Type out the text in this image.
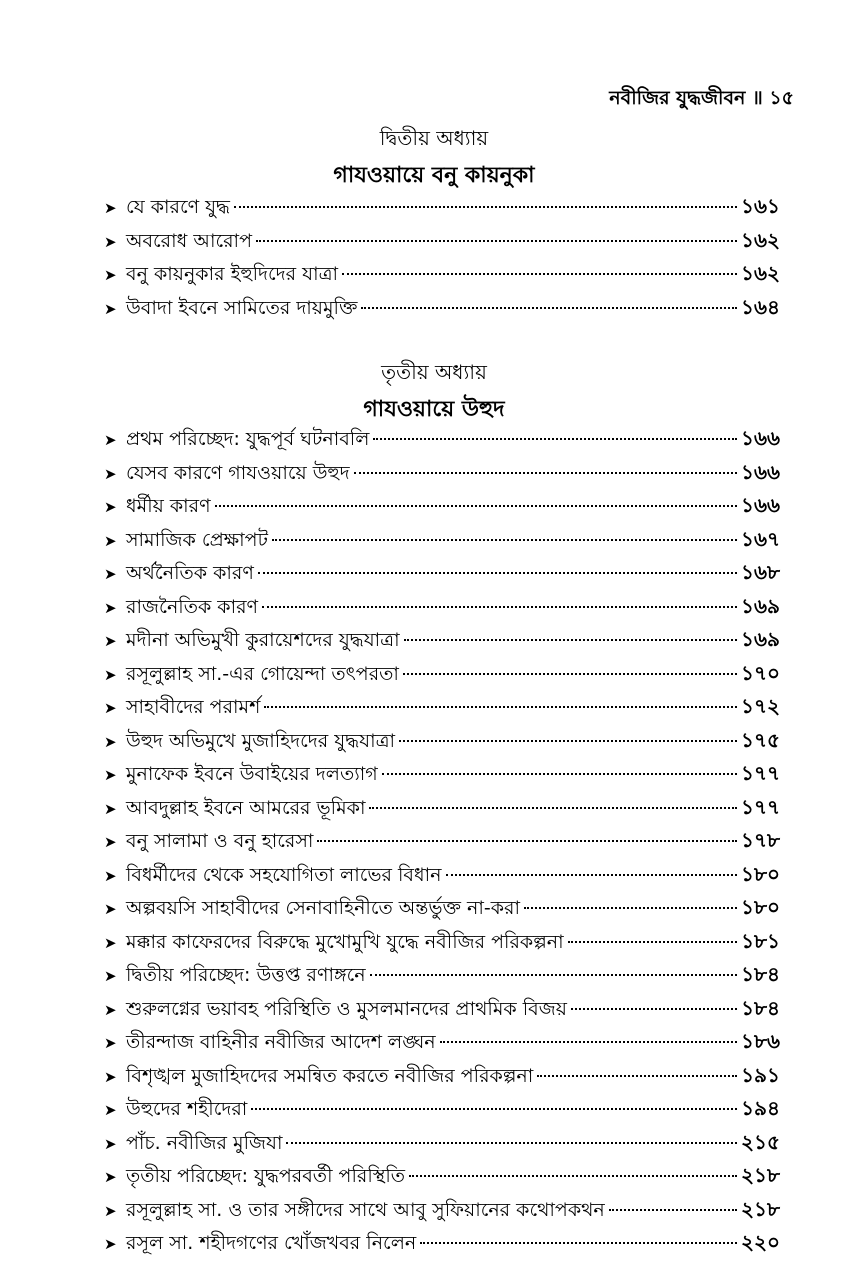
নবীজির যুদ্ধজীবন ॥ ১৫
দ্বিতীয় অধ্যায়
গাযওয়ায়ে বনু কায়নুকা
➤ যে কারণে যুদ্ধ	১৬১
➤ অবরোধ আরোপ	১৬২
➤ বনু কায়নুকার ইহুদিদের যাত্রা	১৬২
➤ উবাদা ইবনে সামিতের দায়মুক্তি	১৬৪
তৃতীয় অধ্যায়
গাযওয়ায়ে উহুদ
➤ প্রথম পরিচ্ছেদ: যুদ্ধপূর্ব ঘটনাবলি	১৬৬
➤ যেসব কারণে গাযওয়ায়ে উহুদ	১৬৬
➤ ধর্মীয় কারণ	১৬৬
➤ সামাজিক প্রেক্ষাপট	১৬৭
➤ অর্থনৈতিক কারণ	১৬৮
➤ রাজনৈতিক কারণ	১৬৯
➤ মদীনা অভিমুখী কুরায়েশদের যুদ্ধযাত্রা	১৬৯
➤ রসূলুল্লাহ সা.-এর গোয়েন্দা তৎপরতা	১৭০
➤ সাহাবীদের পরামর্শ	১৭২
➤ উহুদ অভিমুখে মুজাহিদদের যুদ্ধযাত্রা	১৭৫
➤ মুনাফেক ইবনে উবাইয়ের দলত্যাগ	১৭৭
➤ আবদুল্লাহ ইবনে আমরের ভূমিকা	১৭৭
➤ বনু সালামা ও বনু হারেসা	১৭৮
➤ বিধর্মীদের থেকে সহযোগিতা লাভের বিধান	১৮০
➤ অল্পবয়সি সাহাবীদের সেনাবাহিনীতে অন্তর্ভুক্ত না-করা	১৮০
➤ মক্কার কাফেরদের বিরুদ্ধে মুখোমুখি যুদ্ধে নবীজির পরিকল্পনা	১৮১
➤ দ্বিতীয় পরিচ্ছেদ: উত্তপ্ত রণাঙ্গনে	১৮৪
➤ শুরুলগ্নের ভয়াবহ পরিস্থিতি ও মুসলমানদের প্রাথমিক বিজয়	১৮৪
➤ তীরন্দাজ বাহিনীর নবীজির আদেশ লঙ্ঘন	১৮৬
➤ বিশৃঙ্খল মুজাহিদদের সমন্বিত করতে নবীজির পরিকল্পনা	১৯১
➤ উহুদের শহীদেরা	১৯৪
➤ পাঁচ. নবীজির মুজিযা	২১৫
➤ তৃতীয় পরিচ্ছেদ: যুদ্ধপরবর্তী পরিস্থিতি	২১৮
➤ রসূলুল্লাহ সা. ও তার সঙ্গীদের সাথে আবু সুফিয়ানের কথোপকথন	২১৮
➤ রসূল সা. শহীদগণের খোঁজখবর নিলেন	২২০
